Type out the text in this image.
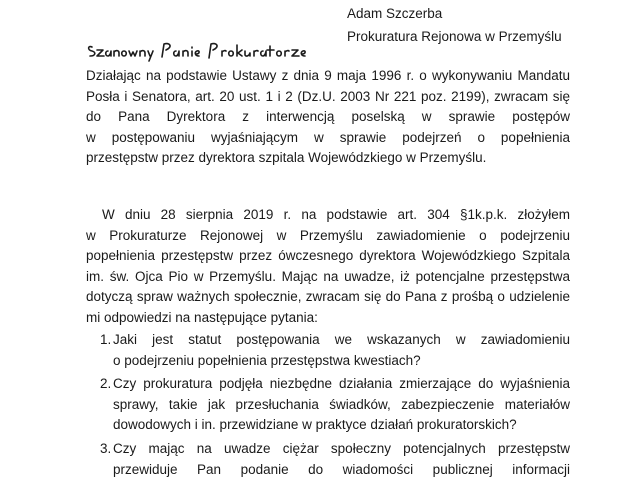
Adam Szczerba
Prokuratura Rejonowa w Przemyślu
Działając na podstawie Ustawy z dnia 9 maja 1996 r. o wykonywaniu Mandatu
Posła i Senatora, art. 20 ust. 1 i 2 (Dz.U. 2003 Nr 221 poz. 2199), zwracam się
do Pana Dyrektora z interwencją poselską w sprawie postępów
w postępowaniu wyjaśniającym w sprawie podejrzeń o popełnienia
przestępstw przez dyrektora szpitala Wojewódzkiego w Przemyślu.
W dniu 28 sierpnia 2019 r. na podstawie art. 304 §1k.p.k. złożyłem
w Prokuraturze Rejonowej w Przemyślu zawiadomienie o podejrzeniu
popełnienia przestępstw przez ówczesnego dyrektora Wojewódzkiego Szpitala
im. św. Ojca Pio w Przemyślu. Mając na uwadze, iż potencjalne przestępstwa
dotyczą spraw ważnych społecznie, zwracam się do Pana z prośbą o udzielenie
mi odpowiedzi na następujące pytania:
1. Jaki jest statut postępowania we wskazanych w zawiadomieniu
o podejrzeniu popełnienia przestępstwa kwestiach?
2. Czy prokuratura podjęła niezbędne działania zmierzające do wyjaśnienia
sprawy, takie jak przesłuchania świadków, zabezpieczenie materiałów
dowodowych i in. przewidziane w praktyce działań prokuratorskich?
3. Czy mając na uwadze ciężar społeczny potencjalnych przestępstw
przewiduje Pan podanie do wiadomości publicznej informacji
